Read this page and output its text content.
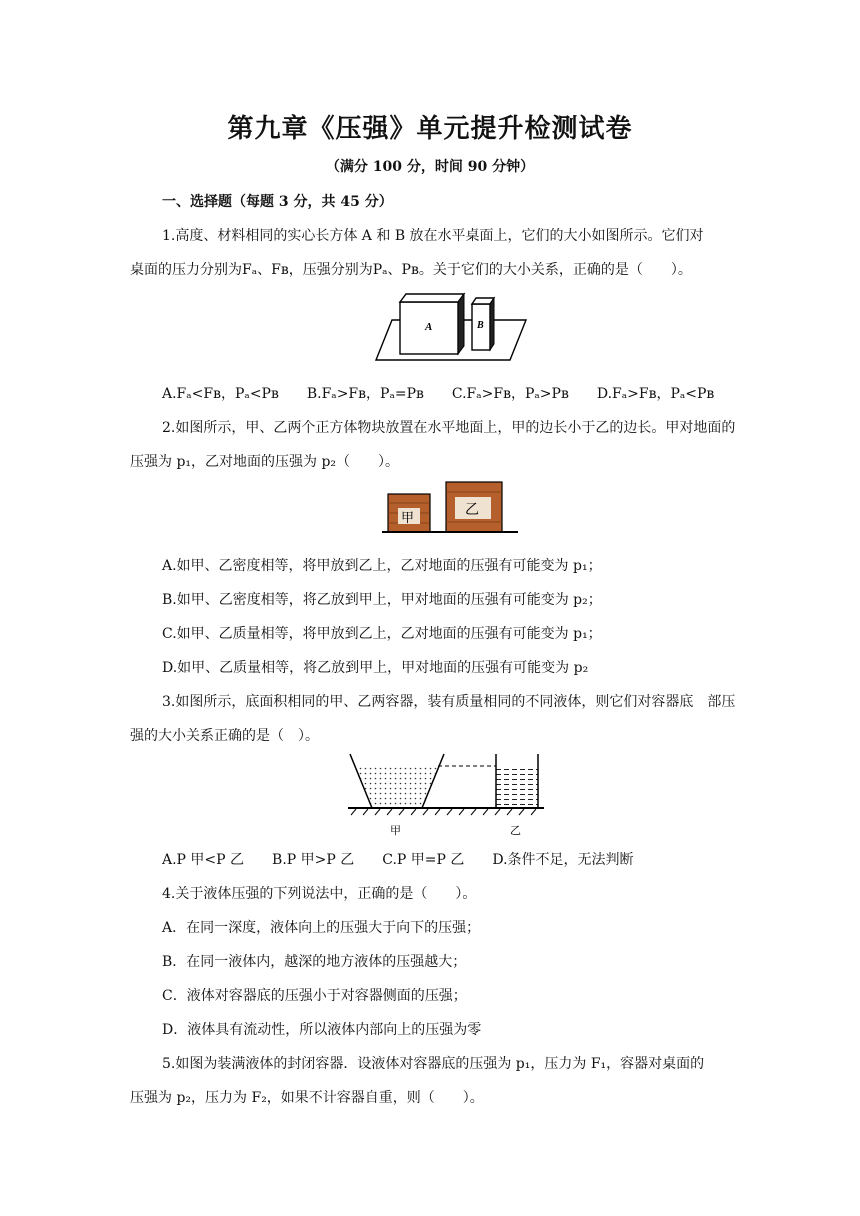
第九章《压强》单元提升检测试卷
（满分 100 分，时间 90 分钟）
一、选择题（每题 3 分，共 45 分）
1.高度、材料相同的实心长方体 A 和 B 放在水平桌面上，它们的大小如图所示。它们对
桌面的压力分别为Fₐ、Fʙ，压强分别为Pₐ、Pʙ。关于它们的大小关系，正确的是（　　）。
A	B
A.Fₐ<Fʙ，Pₐ<Pʙ　　B.Fₐ>Fʙ，Pₐ=Pʙ　　C.Fₐ>Fʙ，Pₐ>Pʙ　　D.Fₐ>Fʙ，Pₐ<Pʙ
2.如图所示，甲、乙两个正方体物块放置在水平地面上，甲的边长小于乙的边长。甲对地面的
压强为 p₁，乙对地面的压强为 p₂（　　）。
甲
乙
A.如甲、乙密度相等，将甲放到乙上，乙对地面的压强有可能变为 p₁；
B.如甲、乙密度相等，将乙放到甲上，甲对地面的压强有可能变为 p₂；
C.如甲、乙质量相等，将甲放到乙上，乙对地面的压强有可能变为 p₁；
D.如甲、乙质量相等，将乙放到甲上，甲对地面的压强有可能变为 p₂
3.如图所示，底面积相同的甲、乙两容器，装有质量相同的不同液体，则它们对容器底　部压
强的大小关系正确的是（　）。
甲	乙
A.P 甲<P 乙　　B.P 甲>P 乙　　C.P 甲=P 乙　　D.条件不足，无法判断
4.关于液体压强的下列说法中，正确的是（　　）。
A．在同一深度，液体向上的压强大于向下的压强；
B．在同一液体内，越深的地方液体的压强越大；
C．液体对容器底的压强小于对容器侧面的压强；
D．液体具有流动性，所以液体内部向上的压强为零
5.如图为装满液体的封闭容器．设液体对容器底的压强为 p₁，压力为 F₁，容器对桌面的
压强为 p₂，压力为 F₂，如果不计容器自重，则（　　）。
